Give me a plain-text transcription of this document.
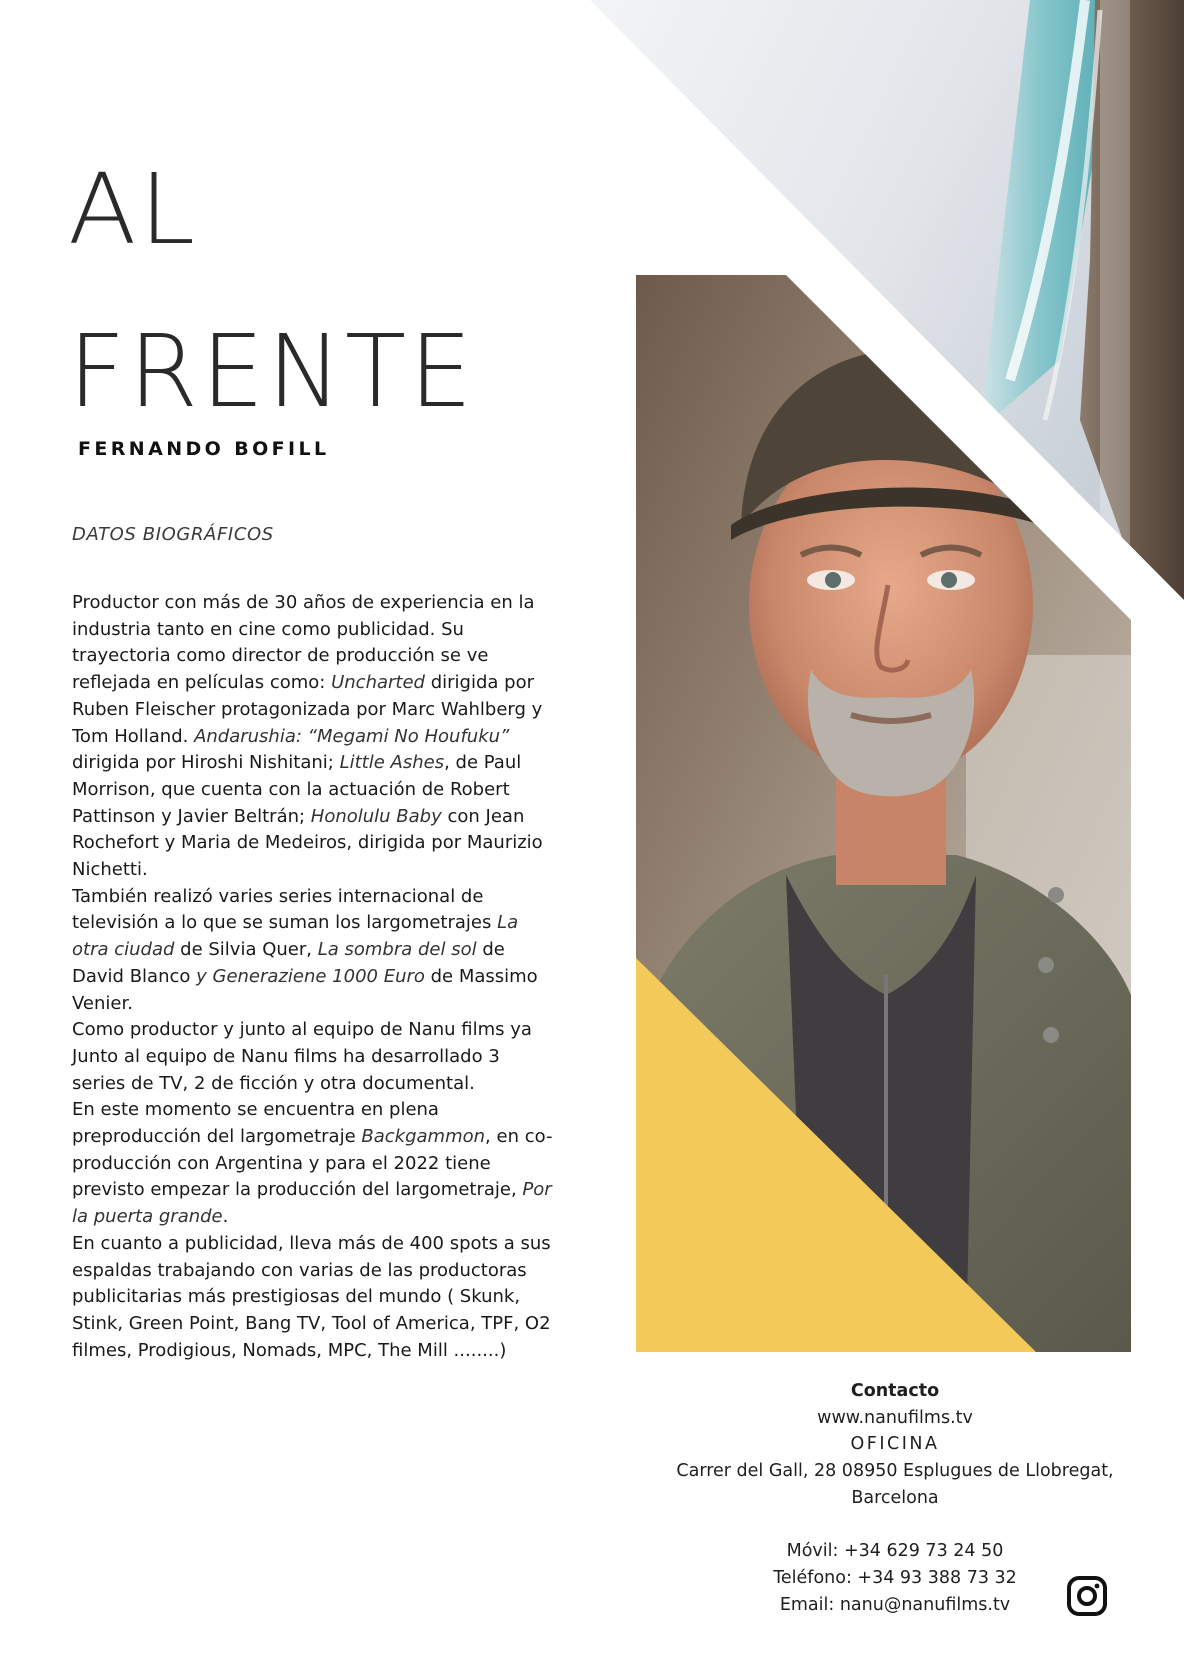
AL
FRENTE
FERNANDO BOFILL

DATOS BIOGRÁFICOS

Productor con más de 30 años de experiencia en la industria tanto en cine como publicidad. Su trayectoria como director de producción se ve reflejada en películas como: Uncharted dirigida por Ruben Fleischer protagonizada por Marc Wahlberg y Tom Holland. Andarushia: “Megami No Houfuku” dirigida por Hiroshi Nishitani; Little Ashes, de Paul Morrison, que cuenta con la actuación de Robert Pattinson y Javier Beltrán; Honolulu Baby con Jean Rochefort y Maria de Medeiros, dirigida por Maurizio Nichetti.
También realizó varies series internacional de televisión a lo que se suman los largometrajes La otra ciudad de Silvia Quer, La sombra del sol de David Blanco y Generaziene 1000 Euro de Massimo Venier.
Como productor y junto al equipo de Nanu films ya Junto al equipo de Nanu films ha desarrollado 3 series de TV, 2 de ficción y otra documental.
En este momento se encuentra en plena preproducción del largometraje Backgammon, en co- producción con Argentina y para el 2022 tiene previsto empezar la producción del largometraje, Por la puerta grande.
En cuanto a publicidad, lleva más de 400 spots a sus espaldas trabajando con varias de las productoras publicitarias más prestigiosas del mundo ( Skunk, Stink, Green Point, Bang TV, Tool of America, TPF, O2 filmes, Prodigious, Nomads, MPC, The Mill ........)

Contacto
www.nanufilms.tv
OFICINA
Carrer del Gall, 28 08950 Esplugues de Llobregat,
Barcelona
Móvil: +34 629 73 24 50
Teléfono: +34 93 388 73 32
Email: nanu@nanufilms.tv
